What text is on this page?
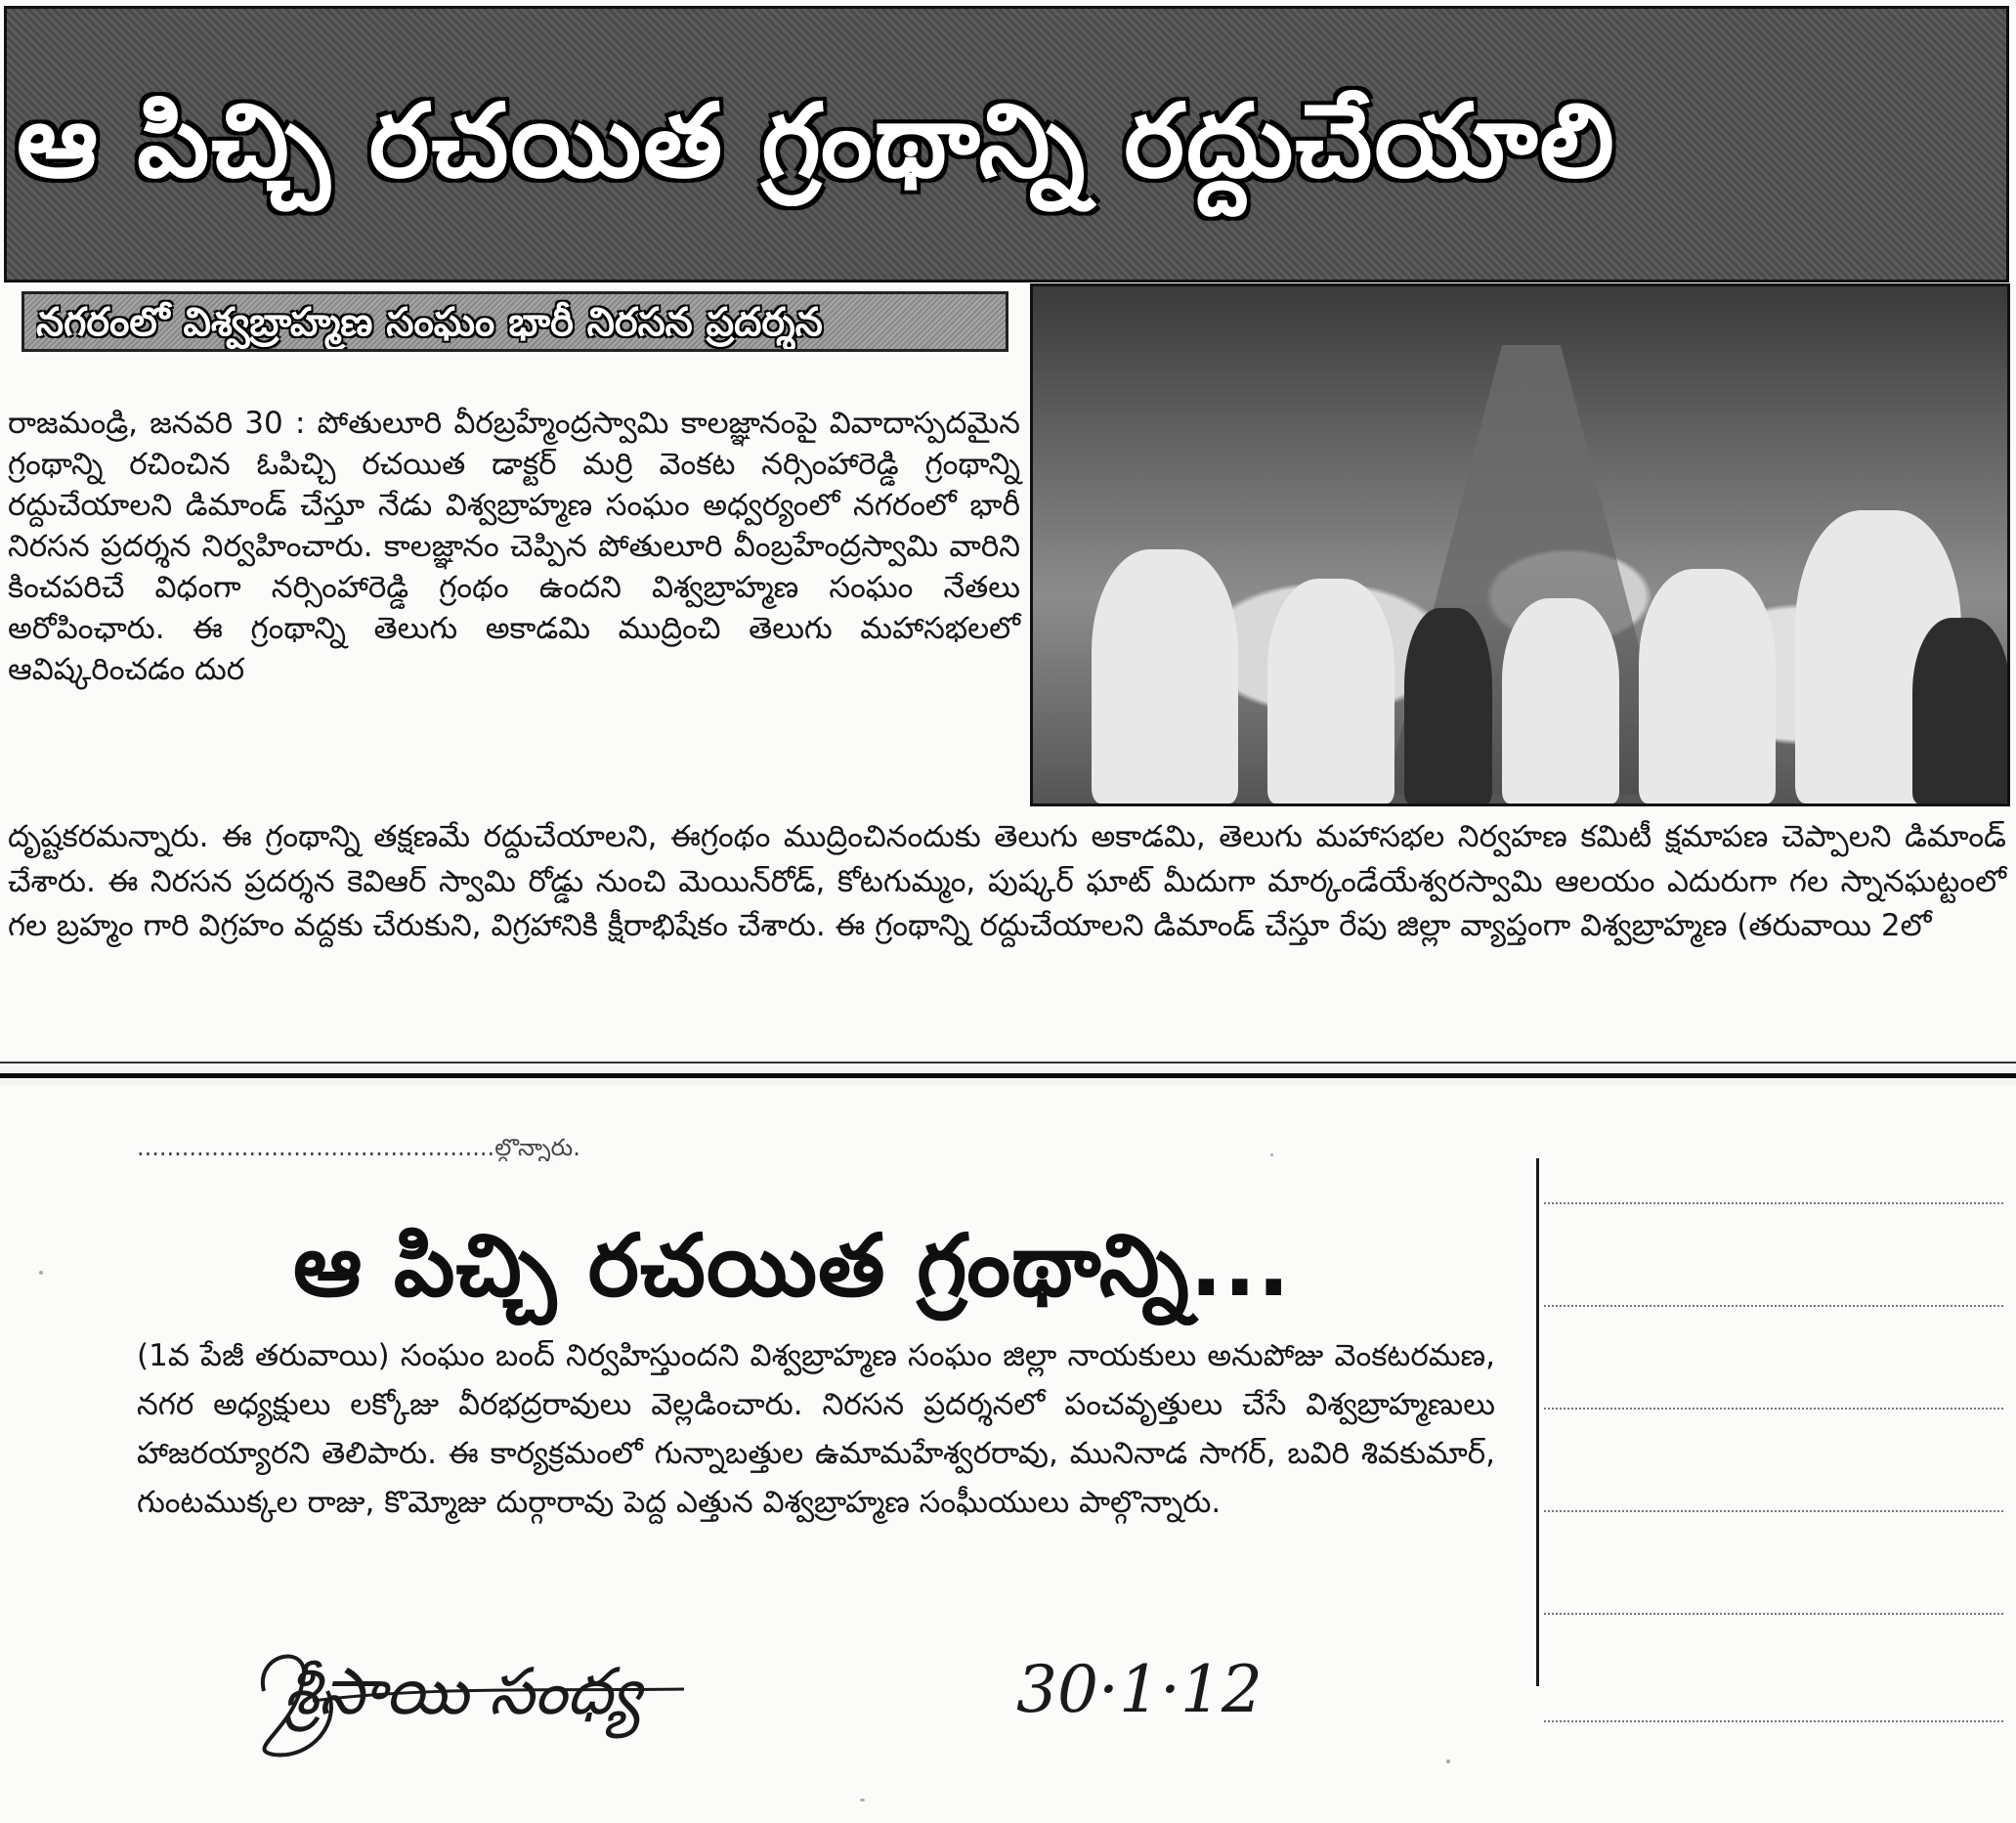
ఆ పిచ్చి రచయిత గ్రంథాన్ని రద్దుచేయాలి
నగరంలో విశ్వబ్రాహ్మణ సంఘం భారీ నిరసన ప్రదర్శన

రాజమండ్రి, జనవరి 30 : పోతులూరి వీరబ్రహ్మేంద్రస్వామి కాలజ్ఞానంపై వివాదాస్పదమైన గ్రంథాన్ని రచించిన ఓపిచ్చి రచయిత డాక్టర్ మర్రి వెంకట నర్సింహారెడ్డి గ్రంథాన్ని రద్దుచేయాలని డిమాండ్ చేస్తూ నేడు విశ్వబ్రాహ్మణ సంఘం అధ్వర్యంలో నగరంలో భారీ నిరసన ప్రదర్శన నిర్వహించారు. కాలజ్ఞానం చెప్పిన పోతులూరి వీంబ్రహేంద్రస్వామి వారిని కించపరిచే విధంగా నర్సింహారెడ్డి గ్రంథం ఉందని విశ్వబ్రాహ్మణ సంఘం నేతలు అరోపింఛారు. ఈ గ్రంథాన్ని తెలుగు అకాడమి ముద్రించి తెలుగు మహాసభలలో ఆవిష్కరించడం దుర

దృష్టకరమన్నారు. ఈ గ్రంథాన్ని తక్షణమే రద్దుచేయాలని, ఈగ్రంథం ముద్రించినందుకు తెలుగు అకాడమి, తెలుగు మహాసభల నిర్వహణ కమిటీ క్షమాపణ చెప్పాలని డిమాండ్ చేశారు. ఈ నిరసన ప్రదర్శన కెవిఆర్ స్వామి రోడ్డు నుంచి మెయిన్‌రోడ్, కోటగుమ్మం, పుష్కర్ ఘాట్ మీదుగా మార్కండేయేశ్వరస్వామి ఆలయం ఎదురుగా గల స్నానఘట్టంలో గల బ్రహ్మం గారి విగ్రహం వద్దకు చేరుకుని, విగ్రహానికి క్షీరాభిషేకం చేశారు. ఈ గ్రంథాన్ని రద్దుచేయాలని డిమాండ్ చేస్తూ రేపు జిల్లా వ్యాప్తంగా విశ్వబ్రాహ్మణ (తరువాయి 2లో

................................................ల్గొన్నారు.
ఆ పిచ్చి రచయిత గ్రంథాన్ని...

(1వ పేజీ తరువాయి) సంఘం బంద్ నిర్వహిస్తుందని విశ్వబ్రాహ్మణ సంఘం జిల్లా నాయకులు అనుపోజు వెంకటరమణ, నగర అధ్యక్షులు లక్కోజు వీరభద్రరావులు వెల్లడించారు. నిరసన ప్రదర్శనలో పంచవృత్తులు చేసే విశ్వబ్రాహ్మణులు హాజరయ్యారని తెలిపారు. ఈ కార్యక్రమంలో గున్నాబత్తుల ఉమామహేశ్వరరావు, మునినాడ సాగర్, బవిరి శివకుమార్, గుంటముక్కల రాజు, కొమ్మోజు దుర్గారావు పెద్ద ఎత్తున విశ్వబ్రాహ్మణ సంఘీయులు పాల్గొన్నారు.

శ్రీసాయి సంధ్య	30·1·12
